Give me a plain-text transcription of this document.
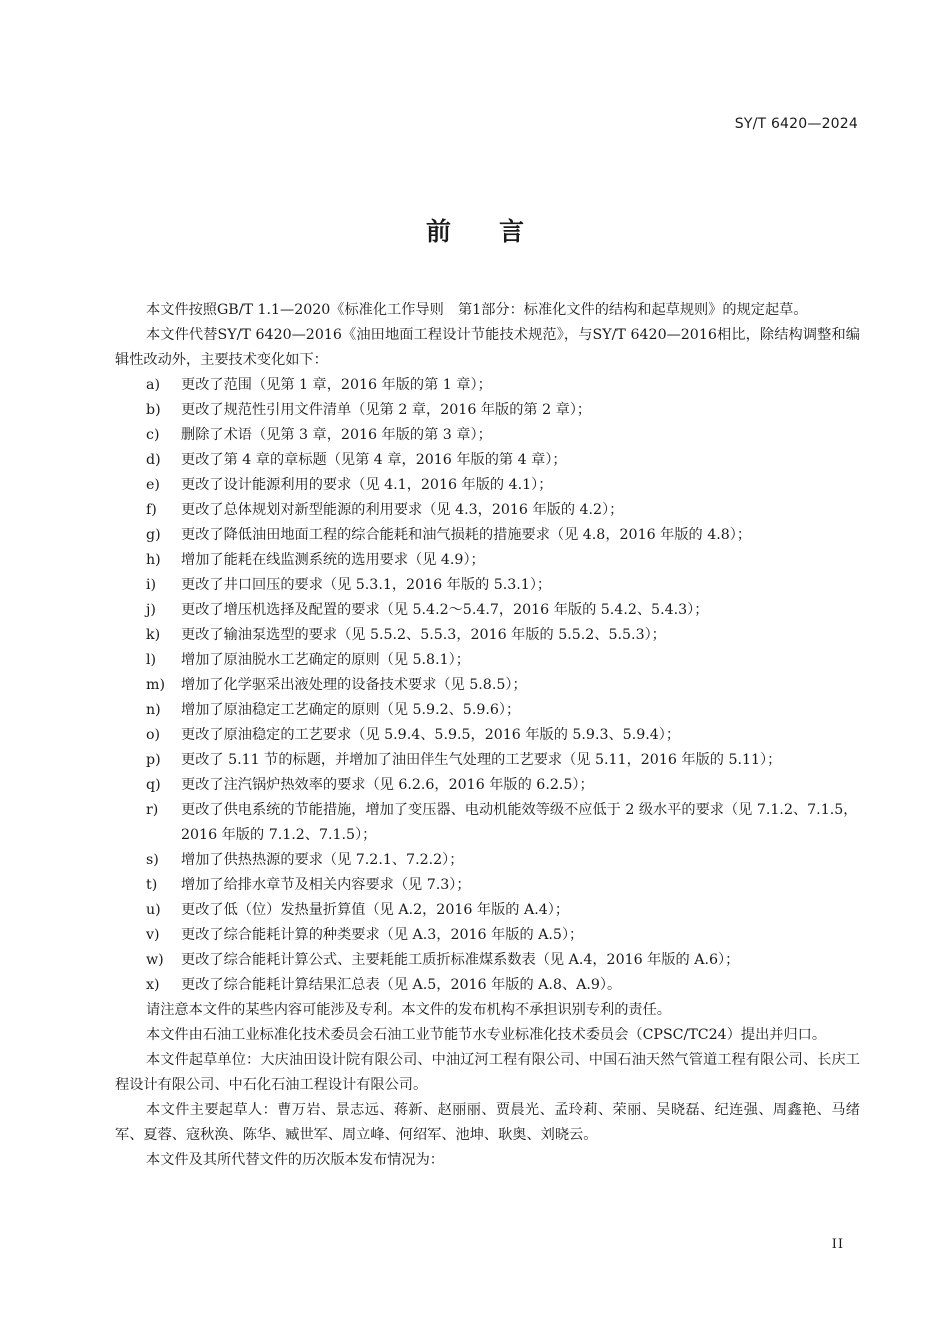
SY/T 6420—2024
前言

本文件按照GB/T 1.1—2020《标准化工作导则　第1部分：标准化文件的结构和起草规则》的规定起草。

本文件代替SY/T 6420—2016《油田地面工程设计节能技术规范》，与SY/T 6420—2016相比，除结构调整和编辑性改动外，主要技术变化如下：

a) 更改了范围（见第 1 章，2016 年版的第 1 章）；
b) 更改了规范性引用文件清单（见第 2 章，2016 年版的第 2 章）；
c) 删除了术语（见第 3 章，2016 年版的第 3 章）；
d) 更改了第 4 章的章标题（见第 4 章，2016 年版的第 4 章）；
e) 更改了设计能源利用的要求（见 4.1，2016 年版的 4.1）；
f) 更改了总体规划对新型能源的利用要求（见 4.3，2016 年版的 4.2）；
g) 更改了降低油田地面工程的综合能耗和油气损耗的措施要求（见 4.8，2016 年版的 4.8）；
h) 增加了能耗在线监测系统的选用要求（见 4.9）；
i) 更改了井口回压的要求（见 5.3.1，2016 年版的 5.3.1）；
j) 更改了增压机选择及配置的要求（见 5.4.2～5.4.7，2016 年版的 5.4.2、5.4.3）；
k) 更改了输油泵选型的要求（见 5.5.2、5.5.3，2016 年版的 5.5.2、5.5.3）；
l) 增加了原油脱水工艺确定的原则（见 5.8.1）；
m) 增加了化学驱采出液处理的设备技术要求（见 5.8.5）；
n) 增加了原油稳定工艺确定的原则（见 5.9.2、5.9.6）；
o) 更改了原油稳定的工艺要求（见 5.9.4、5.9.5，2016 年版的 5.9.3、5.9.4）；
p) 更改了 5.11 节的标题，并增加了油田伴生气处理的工艺要求（见 5.11，2016 年版的 5.11）；
q) 更改了注汽锅炉热效率的要求（见 6.2.6，2016 年版的 6.2.5）；
r) 更改了供电系统的节能措施，增加了变压器、电动机能效等级不应低于 2 级水平的要求（见 7.1.2、7.1.5，2016 年版的 7.1.2、7.1.5）；
s) 增加了供热热源的要求（见 7.2.1、7.2.2）；
t) 增加了给排水章节及相关内容要求（见 7.3）；
u) 更改了低（位）发热量折算值（见 A.2，2016 年版的 A.4）；
v) 更改了综合能耗计算的种类要求（见 A.3，2016 年版的 A.5）；
w) 更改了综合能耗计算公式、主要耗能工质折标准煤系数表（见 A.4，2016 年版的 A.6）；
x) 更改了综合能耗计算结果汇总表（见 A.5，2016 年版的 A.8、A.9）。

请注意本文件的某些内容可能涉及专利。本文件的发布机构不承担识别专利的责任。

本文件由石油工业标准化技术委员会石油工业节能节水专业标准化技术委员会（CPSC/TC24）提出并归口。

本文件起草单位：大庆油田设计院有限公司、中油辽河工程有限公司、中国石油天然气管道工程有限公司、长庆工程设计有限公司、中石化石油工程设计有限公司。

本文件主要起草人：曹万岩、景志远、蒋新、赵丽丽、贾晨光、孟玲莉、荣丽、吴晓磊、纪连强、周鑫艳、马绪军、夏蓉、寇秋涣、陈华、臧世军、周立峰、何绍军、池坤、耿奥、刘晓云。

本文件及其所代替文件的历次版本发布情况为：

II
